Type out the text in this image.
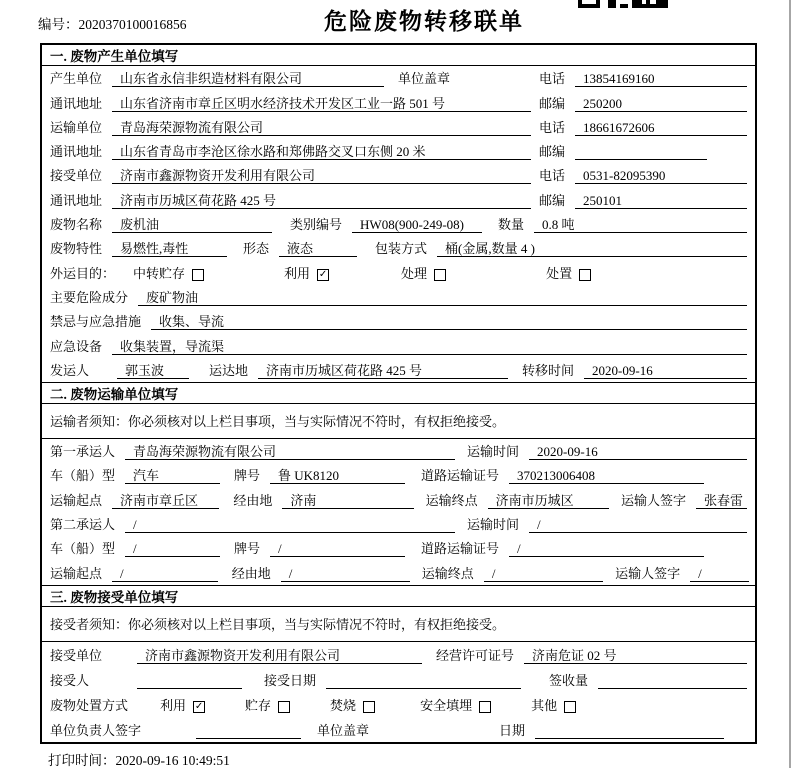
编号：2020370100016856	危险废物转移联单
一. 废物产生单位填写
产生单位	山东省永信非织造材料有限公司	单位盖章	电话	13854169160
通讯地址	山东省济南市章丘区明水经济技术开发区工业一路 501 号	邮编	250200
运输单位	青岛海荣源物流有限公司	电话	18661672606
通讯地址	山东省青岛市李沧区徐水路和郑佛路交叉口东侧 20 米	邮编
接受单位	济南市鑫源物资开发利用有限公司	电话	0531-82095390
通讯地址	济南市历城区荷花路 425 号	邮编	250101
废物名称	废机油	类别编号	HW08(900-249-08)	数量	0.8 吨
废物特性	易燃性,毒性	形态	液态	包装方式	桶(金属,数量 4 )
外运目的： 中转贮存	利用 ✓	处理	处置
主要危险成分	废矿物油
禁忌与应急措施	收集、导流
应急设备	收集装置，导流渠
发运人	郭玉波	运达地	济南市历城区荷花路 425 号	转移时间	2020-09-16
二. 废物运输单位填写
运输者须知： 你必须核对以上栏目事项，当与实际情况不符时，有权拒绝接受。
第一承运人	青岛海荣源物流有限公司	运输时间	2020-09-16
车（船）型	汽车	牌号	鲁 UK8120	道路运输证号	370213006408
运输起点	济南市章丘区	经由地	济南	运输终点	济南市历城区	运输人签字	张春雷
第二承运人	/	运输时间	/
车（船）型	/	牌号	/	道路运输证号	/
运输起点	/	经由地	/	运输终点	/	运输人签字	/
三. 废物接受单位填写
接受者须知： 你必须核对以上栏目事项，当与实际情况不符时，有权拒绝接受。
接受单位	济南市鑫源物资开发利用有限公司	经营许可证号	济南危证 02 号
接受人	接受日期	签收量
废物处置方式 利用 ✓	贮存	焚烧	安全填埋	其他
单位负责人签字	单位盖章	日期
打印时间：2020-09-16 10:49:51
